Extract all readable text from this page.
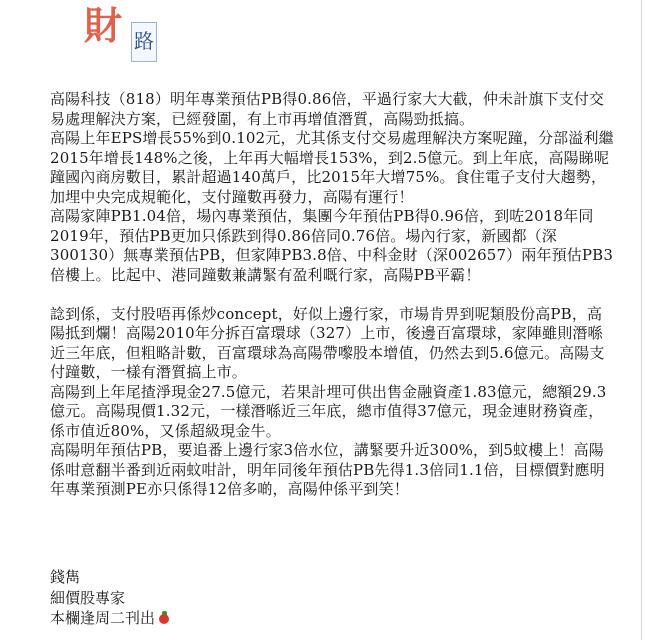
財 路

高陽科技（818）明年專業預估PB得0.86倍，平過行家大大截，仲未計旗下支付交易處理解決方案，已經發圍，有上市再增值潛質，高陽勁抵搞。

高陽上年EPS增長55%到0.102元，尤其係支付交易處理解決方案呢蹱，分部溢利繼2015年增長148%之後，上年再大幅增長153%，到2.5億元。到上年底，高陽睇呢蹱國內商房數目，累計超過140萬戶，比2015年大增75%。食住電子支付大趨勢，加埋中央完成規範化，支付蹱數再發力，高陽有運行！

高陽家陣PB1.04倍，場內專業預估，集團今年預估PB得0.96倍，到咗2018年同2019年，預估PB更加只係跌到得0.86倍同0.76倍。場內行家，新國都（深300130）無專業預估PB，但家陣PB3.8倍、中科金財（深002657）兩年預估PB3倍樓上。比起中、港同蹱數兼講緊有盈利嘅行家，高陽PB平霸！

諗到係，支付股唔再係炒concept，好似上邊行家，市場肯畀到呢類股份高PB，高陽抵到爛！高陽2010年分拆百富環球（327）上市，後邊百富環球，家陣雖則潛喺近三年底，但粗略計數，百富環球為高陽帶嚟股本增值，仍然去到5.6億元。高陽支付蹱數，一樣有潛質搞上市。

高陽到上年尾揸淨現金27.5億元，若果計埋可供出售金融資產1.83億元，總額29.3億元。高陽現價1.32元，一樣潛喺近三年底，總市值得37億元，現金連財務資產，係市值近80%，又係超級現金牛。

高陽明年預估PB，要追番上邊行家3倍水位，講緊要升近300%，到5蚊樓上！高陽係咁意翻半番到近兩蚊咁計，明年同後年預估PB先得1.3倍同1.1倍，目標價對應明年專業預測PE亦只係得12倍多啲，高陽仲係平到笑！

錢雋
細價股專家
本欄逢周二刊出
